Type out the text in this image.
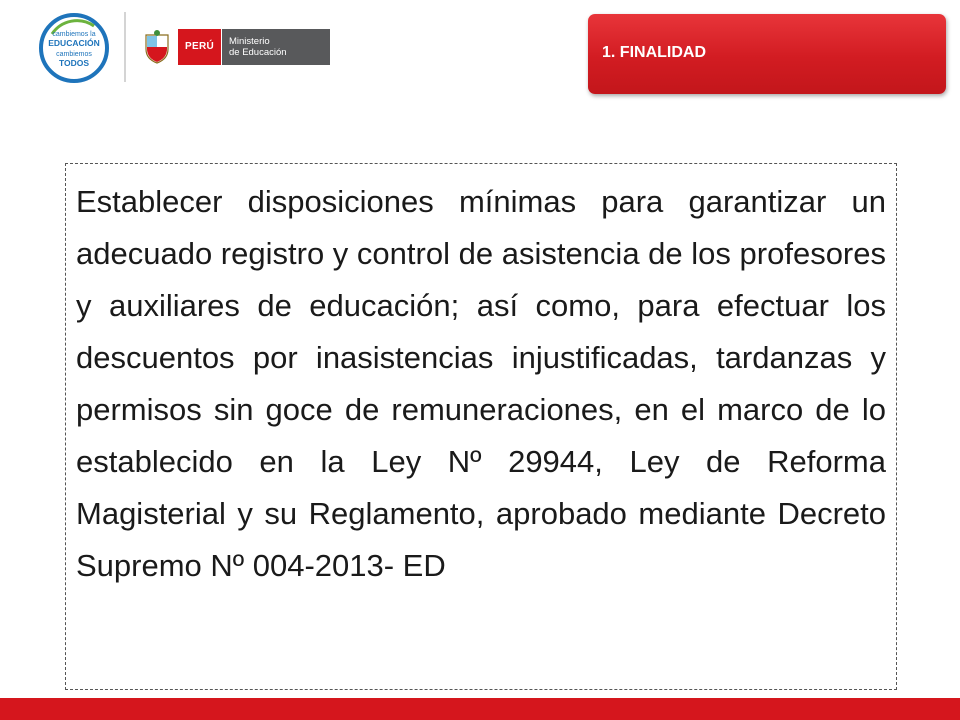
cambiemos la
EDUCACIÓN
cambiemos
TODOS
PERÚ	Ministerio
de Educación	1. FINALIDAD

Establecer disposiciones mínimas para garantizar un adecuado registro y control de asistencia de los profesores y auxiliares de educación; así como, para efectuar los descuentos por inasistencias injustificadas, tardanzas y permisos sin goce de remuneraciones, en el marco de lo establecido en la Ley Nº 29944, Ley de Reforma Magisterial y su Reglamento, aprobado mediante Decreto Supremo Nº 004-2013- ED
